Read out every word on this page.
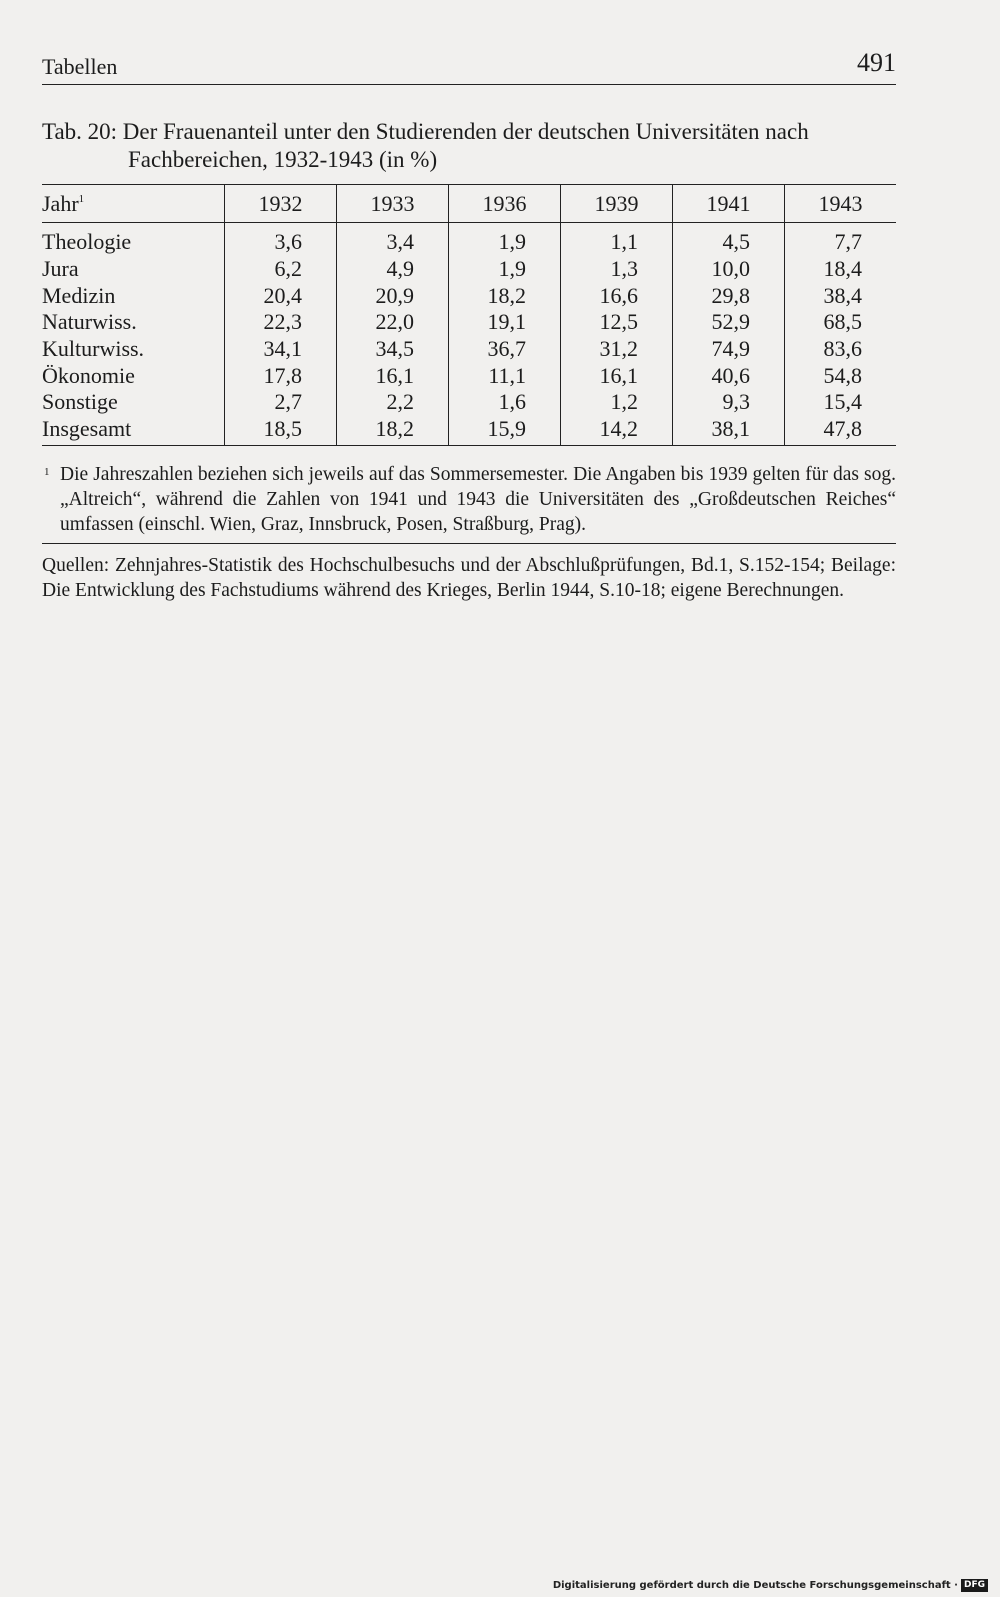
Tabellen	491
Tab. 20: Der Frauenanteil unter den Studierenden der deutschen Universitäten nach
Fachbereichen, 1932-1943 (in %)
Jahr$^1$	1932	1933	1936	1939	1941	1943
Theologie	3,6	3,4	1,9	1,1	4,5	7,7
Jura	6,2	4,9	1,9	1,3	10,0	18,4
Medizin	20,4	20,9	18,2	16,6	29,8	38,4
Naturwiss.	22,3	22,0	19,1	12,5	52,9	68,5
Kulturwiss.	34,1	34,5	36,7	31,2	74,9	83,6
Ökonomie	17,8	16,1	11,1	16,1	40,6	54,8
Sonstige	2,7	2,2	1,6	1,2	9,3	15,4
Insgesamt	18,5	18,2	15,9	14,2	38,1	47,8
1 Die Jahreszahlen beziehen sich jeweils auf das Sommersemester. Die Angaben bis 1939 gelten für das sog. „Altreich“, während die Zahlen von 1941 und 1943 die Universitäten des „Großdeutschen Reiches“ umfassen (einschl. Wien, Graz, Innsbruck, Posen, Straßburg, Prag).
Quellen: Zehnjahres-Statistik des Hochschulbesuchs und der Abschlußprüfungen, Bd.1, S.152-154; Beilage: Die Entwicklung des Fachstudiums während des Krieges, Berlin 1944, S.10-18; eigene Berechnungen.
Digitalisierung gefördert durch die Deutsche Forschungsgemeinschaft · DFG
